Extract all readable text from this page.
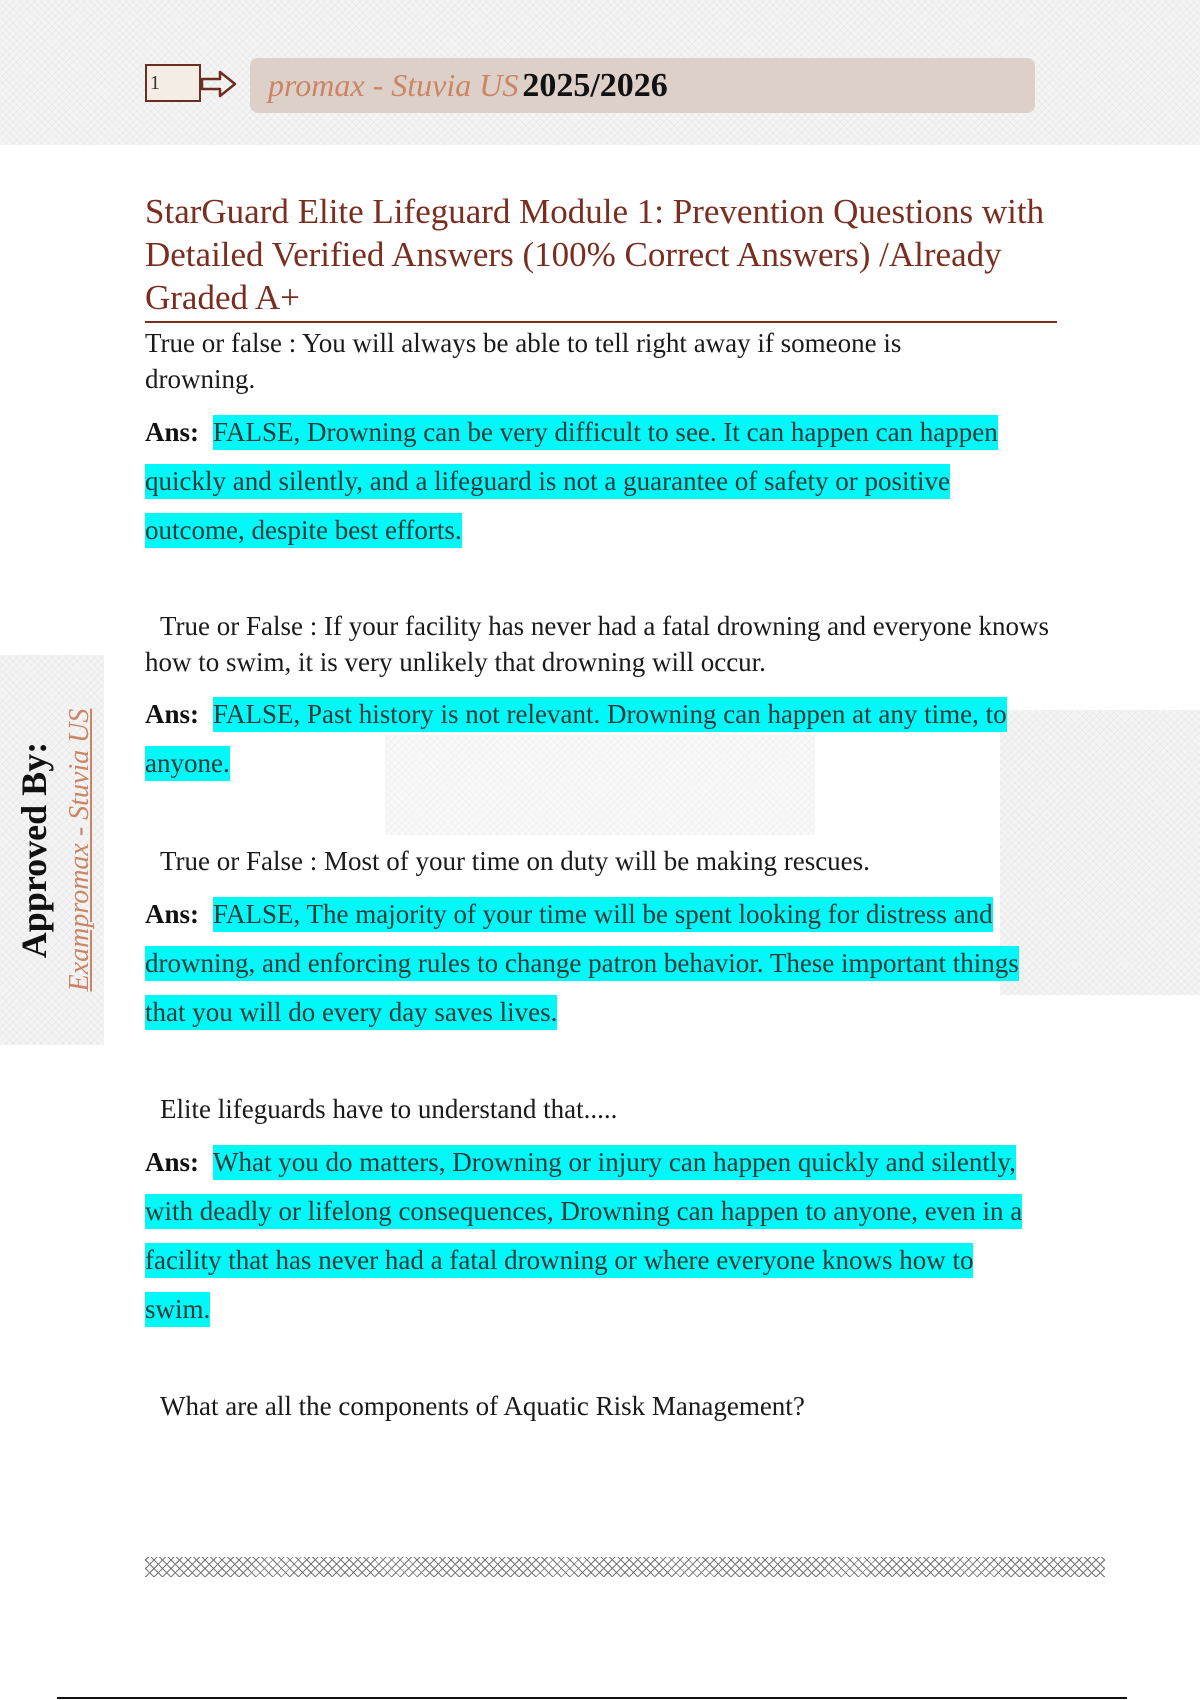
1	promax - Stuvia US 2025/2026
Approved By: Exampromax - Stuvia US
StarGuard Elite Lifeguard Module 1: Prevention Questions with Detailed Verified Answers (100% Correct Answers) /Already Graded A+
True or false : You will always be able to tell right away if someone is drowning.
Ans: FALSE, Drowning can be very difficult to see. It can happen can happen quickly and silently, and a lifeguard is not a guarantee of safety or positive outcome, despite best efforts.
True or False : If your facility has never had a fatal drowning and everyone knows how to swim, it is very unlikely that drowning will occur.
Ans: FALSE, Past history is not relevant. Drowning can happen at any time, to anyone.
True or False : Most of your time on duty will be making rescues.
Ans: FALSE, The majority of your time will be spent looking for distress and drowning, and enforcing rules to change patron behavior. These important things that you will do every day saves lives.
Elite lifeguards have to understand that.....
Ans: What you do matters, Drowning or injury can happen quickly and silently, with deadly or lifelong consequences, Drowning can happen to anyone, even in a facility that has never had a fatal drowning or where everyone knows how to swim.
What are all the components of Aquatic Risk Management?
